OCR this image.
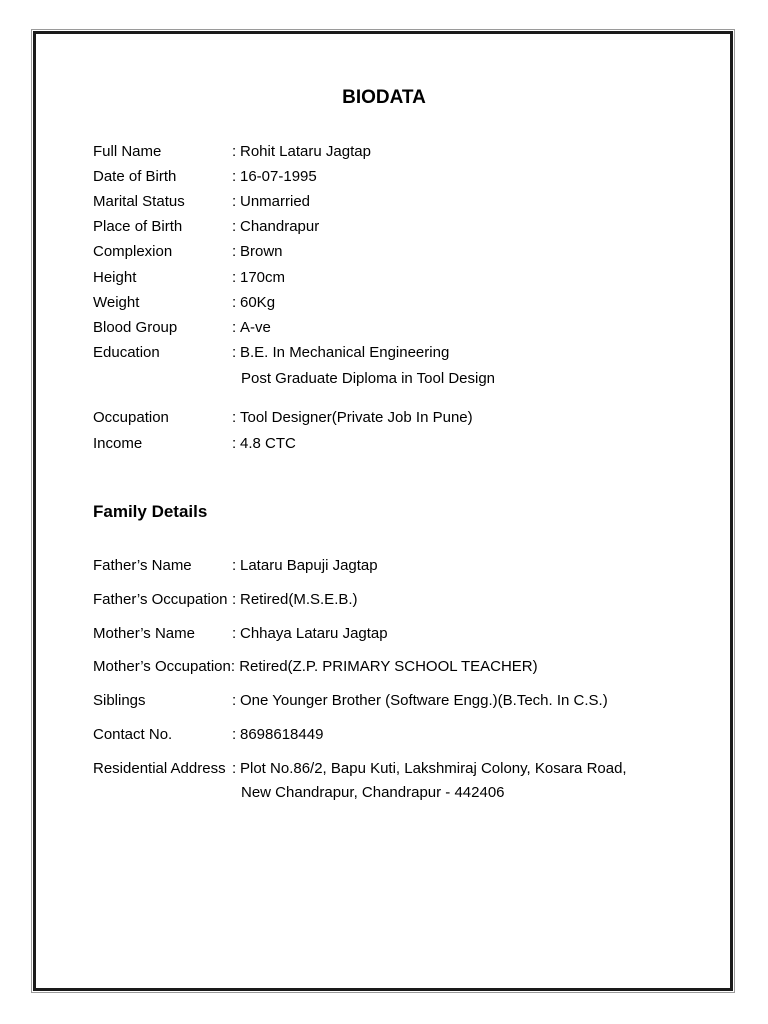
BIODATA
Full Name	: Rohit Lataru Jagtap
Date of Birth	: 16-07-1995
Marital Status	: Unmarried
Place of Birth	: Chandrapur
Complexion	: Brown
Height	: 170cm
Weight	: 60Kg
Blood Group	: A-ve
Education	: B.E. In Mechanical Engineering
Post Graduate Diploma in Tool Design
Occupation	: Tool Designer(Private Job In Pune)
Income	: 4.8 CTC
Family Details
Father’s Name	: Lataru Bapuji Jagtap
Father’s Occupation : Retired(M.S.E.B.)
Mother’s Name : Chhaya Lataru Jagtap
Mother’s Occupation: Retired(Z.P. PRIMARY SCHOOL TEACHER)
Siblings	: One Younger Brother (Software Engg.)(B.Tech. In C.S.)
Contact No.	: 8698618449
Residential Address : Plot No.86/2, Bapu Kuti, Lakshmiraj Colony, Kosara Road,
New Chandrapur, Chandrapur - 442406
